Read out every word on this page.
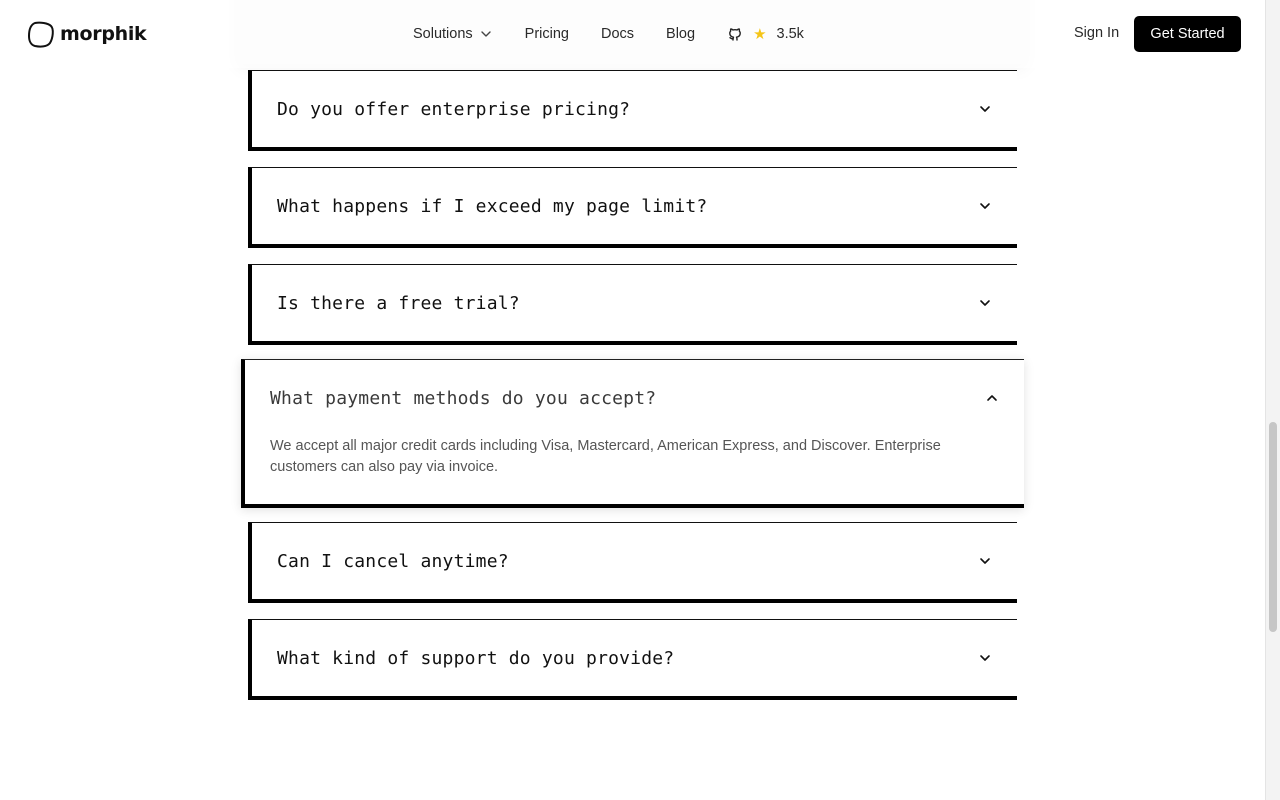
morphik	Solutions	Pricing Docs Blog	★ 3.5k	Sign In	Get Started
Do you offer enterprise pricing?
What happens if I exceed my page limit?
Is there a free trial?
What payment methods do you accept?

We accept all major credit cards including Visa, Mastercard, American Express, and Discover. Enterprise customers can also pay via invoice.

Can I cancel anytime?
What kind of support do you provide?
